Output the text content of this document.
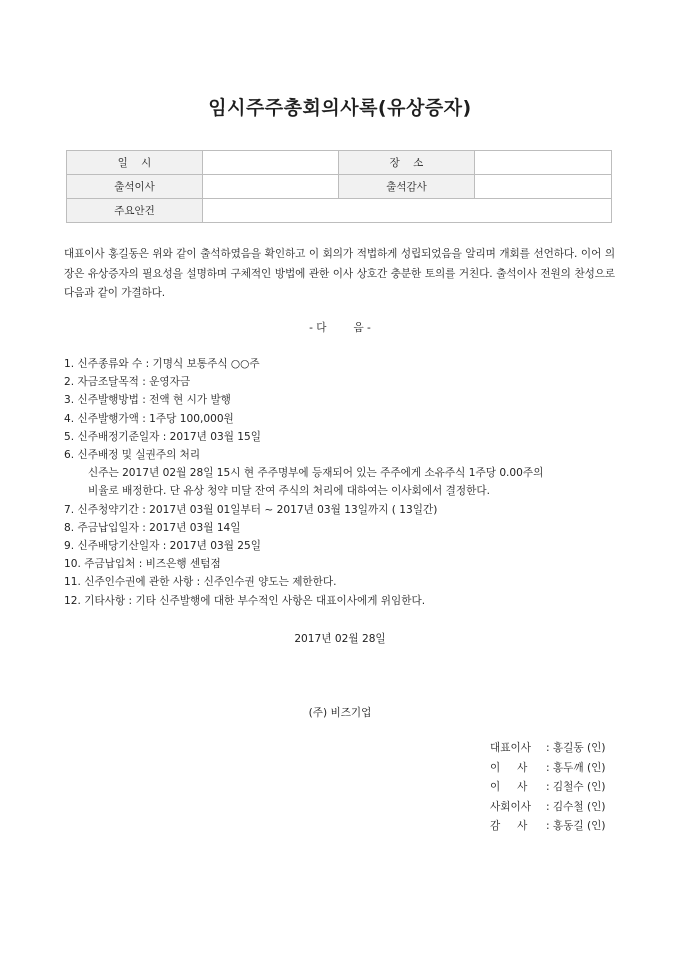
임시주주총회의사록(유상증자)
일    시		장    소	
출석이사		출석감사	
주요안건			
대표이사 홍길동은 위와 같이 출석하였음을 확인하고 이 회의가 적법하게 성립되었음을 알리며 개회를 선언하다. 이어 의장은 유상증자의 필요성을 설명하며 구체적인 방법에 관한 이사 상호간 충분한 토의를 거친다. 출석이사 전원의 찬성으로 다음과 같이 가결하다.
- 다        음 -
1. 신주종류와 수 : 기명식 보통주식 ○○주
2. 자금조달목적 : 운영자금
3. 신주발행방법 : 전액 현 시가 발행
4. 신주발행가액 : 1주당 100,000원
5. 신주배정기준일자 : 2017년 03월 15일
6. 신주배정 및 실권주의 처리
신주는 2017년 02월 28일 15시 현 주주명부에 등재되어 있는 주주에게 소유주식 1주당 0.00주의
비율로 배정한다. 단 유상 청약 미달 잔여 주식의 처리에 대하여는 이사회에서 결정한다.
7. 신주청약기간 : 2017년 03월 01일부터 ~ 2017년 03월 13일까지 ( 13일간)
8. 주금납입일자 : 2017년 03월 14일
9. 신주배당기산일자 : 2017년 03월 25일
10. 주금납입처 : 비즈은행 센텀점
11. 신주인수권에 관한 사항 : 신주인수권 양도는 제한한다.
12. 기타사항 : 기타 신주발행에 대한 부수적인 사항은 대표이사에게 위임한다.
2017년 02월 28일
(주) 비즈기업
대표이사 : 홍길동 (인)
이     사 : 홍두깨 (인)
이     사 : 김철수 (인)
사회이사 : 김수철 (인)
감     사 : 홍동길 (인)
